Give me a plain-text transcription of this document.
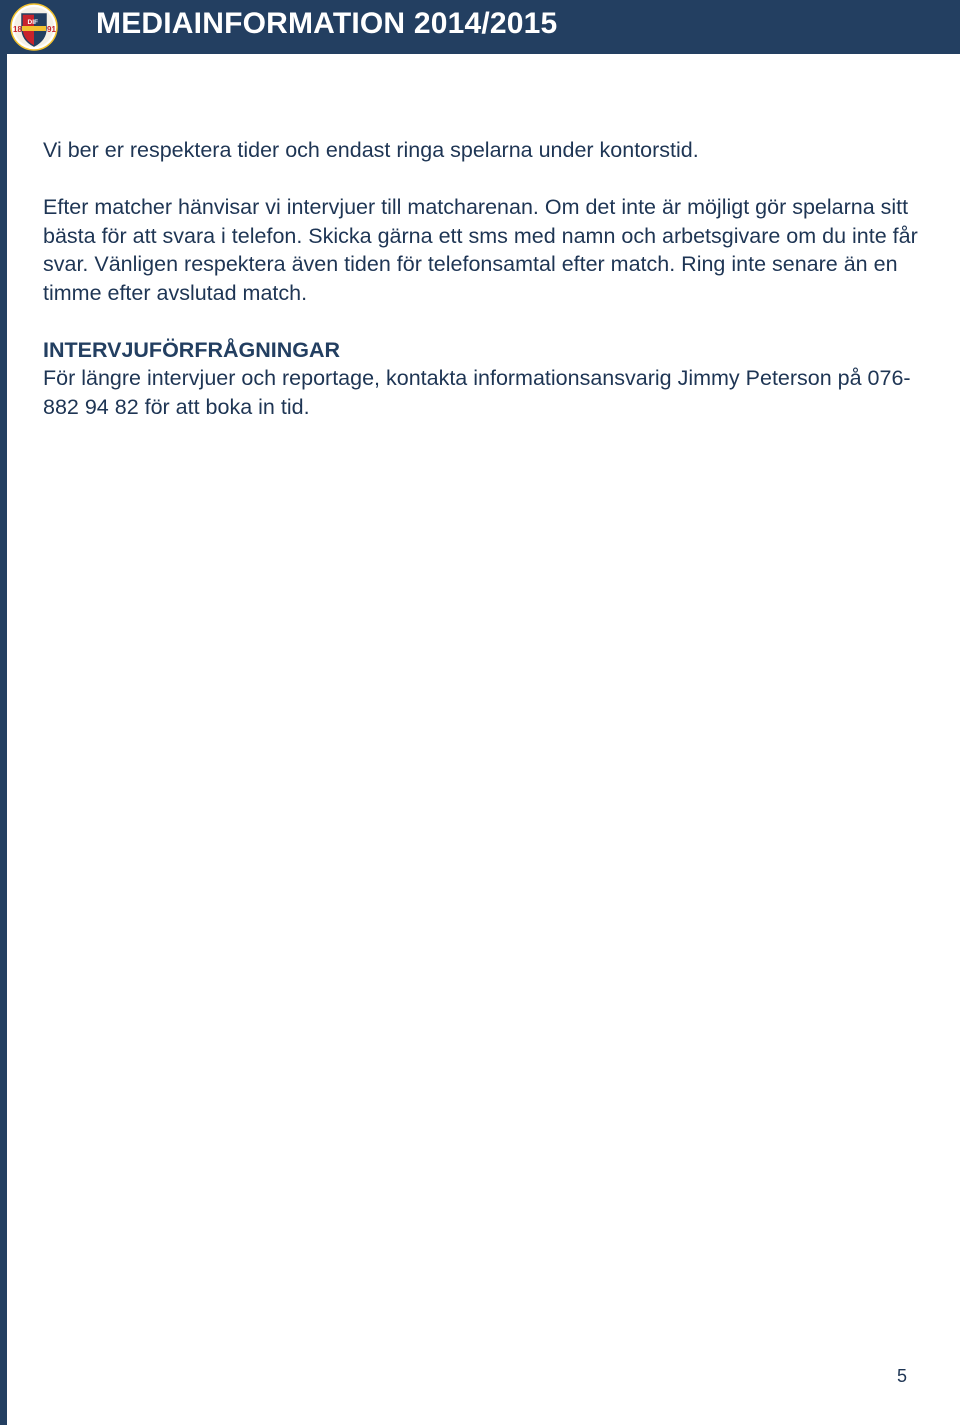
18	91
DIF MEDIAINFORMATION 2014/2015

Vi ber er respektera tider och endast ringa spelarna under kontorstid.

Efter matcher hänvisar vi intervjuer till matcharenan. Om det inte är möjligt gör spelarna sitt bästa för att svara i telefon. Skicka gärna ett sms med namn och arbetsgivare om du inte får svar. Vänligen respektera även tiden för telefonsamtal efter match. Ring inte senare än en timme efter avslutad match.

INTERVJUFÖRFRÅGNINGAR

För längre intervjuer och reportage, kontakta informationsansvarig Jimmy Peterson på 076-882 94 82 för att boka in tid.

5
